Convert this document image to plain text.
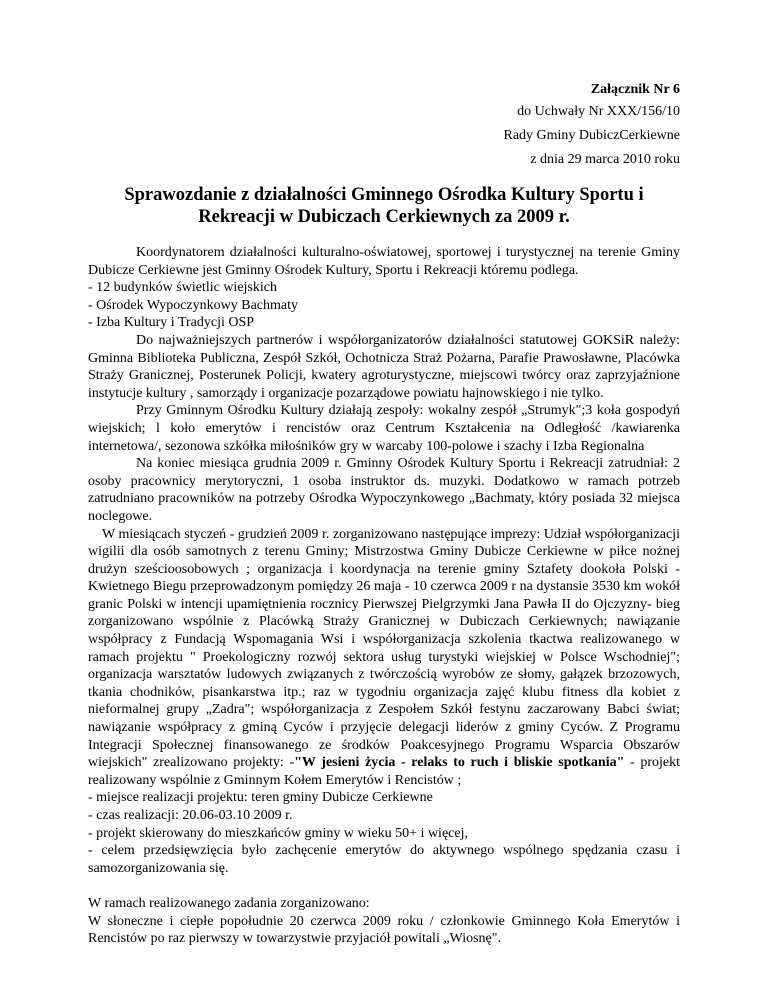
Załącznik Nr 6
do Uchwały Nr XXX/156/10
Rady Gminy DubiczCerkiewne
z dnia 29 marca 2010 roku
Sprawozdanie z działalności Gminnego Ośrodka Kultury Sportu i
Rekreacji w Dubiczach Cerkiewnych za 2009 r.

Koordynatorem działalności kulturalno-oświatowej, sportowej i turystycznej na terenie Gminy Dubicze Cerkiewne jest Gminny Ośrodek Kultury, Sportu i Rekreacji któremu podlega.

- 12 budynków świetlic wiejskich

- Ośrodek Wypoczynkowy Bachmaty

- Izba Kultury i Tradycji OSP

Do najważniejszych partnerów i współorganizatorów działalności statutowej GOKSiR należy: Gminna Biblioteka Publiczna, Zespół Szkół, Ochotnicza Straż Pożarna, Parafie Prawosławne, Placówka Straży Granicznej, Posterunek Policji, kwatery agroturystyczne, miejscowi twórcy oraz zaprzyjaźnione instytucje kultury , samorządy i organizacje pozarządowe powiatu hajnowskiego i nie tylko.

Przy Gminnym Ośrodku Kultury działają zespoły: wokalny zespół „Strumyk";3 koła gospodyń wiejskich; l koło emerytów i rencistów oraz Centrum Kształcenia na Odległość /kawiarenka internetowa/, sezonowa szkółka miłośników gry w warcaby 100-polowe i szachy i Izba Regionalna

Na koniec miesiąca grudnia 2009 r. Gminny Ośrodek Kultury Sportu i Rekreacji zatrudniał: 2 osoby pracownicy merytoryczni, 1 osoba instruktor ds. muzyki. Dodatkowo w ramach potrzeb zatrudniano pracowników na potrzeby Ośrodka Wypoczynkowego „Bachmaty, który posiada 32 miejsca noclegowe.

W miesiącach styczeń - grudzień 2009 r. zorganizowano następujące imprezy: Udział współorganizacji wigilii dla osób samotnych z terenu Gminy; Mistrzostwa Gminy Dubicze Cerkiewne w piłce nożnej drużyn sześcioosobowych ; organizacja i koordynacja na terenie gminy Sztafety dookoła Polski - Kwietnego Biegu przeprowadzonym pomiędzy 26 maja - 10 czerwca 2009 r na dystansie 3530 km wokół granic Polski w intencji upamiętnienia rocznicy Pierwszej Pielgrzymki Jana Pawła II do Ojczyzny- bieg zorganizowano wspólnie z Placówką Straży Granicznej w Dubiczach Cerkiewnych; nawiązanie współpracy z Fundacją Wspomagania Wsi i współorganizacja szkolenia tkactwa realizowanego w ramach projektu " Proekologiczny rozwój sektora usług turystyki wiejskiej w Polsce Wschodniej"; organizacja warsztatów ludowych związanych z twórczością wyrobów ze słomy, gałązek brzozowych, tkania chodników, pisankarstwa itp.; raz w tygodniu organizacja zajęć klubu fitness dla kobiet z nieformalnej grupy „Zadra"; współorganizacja z Zespołem Szkół festynu zaczarowany Babci świat; nawiązanie współpracy z gminą Cyców i przyjęcie delegacji liderów z gminy Cyców. Z Programu Integracji Społecznej finansowanego ze środków Poakcesyjnego Programu Wsparcia Obszarów wiejskich" zrealizowano projekty: -"W jesieni życia - relaks to ruch i bliskie spotkania" - projekt realizowany wspólnie z Gminnym Kołem Emerytów i Rencistów ;

- miejsce realizacji projektu: teren gminy Dubicze Cerkiewne

- czas realizacji: 20.06-03.10 2009 r.

- projekt skierowany do mieszkańców gminy w wieku 50+ i więcej,

- celem przedsięwzięcia było zachęcenie emerytów do aktywnego wspólnego spędzania czasu i samozorganizowania się.

W ramach realizowanego zadania zorganizowano:

W słoneczne i ciepłe popołudnie 20 czerwca 2009 roku / członkowie Gminnego Koła Emerytów i Rencistów po raz pierwszy w towarzystwie przyjaciół powitali „Wiosnę".
